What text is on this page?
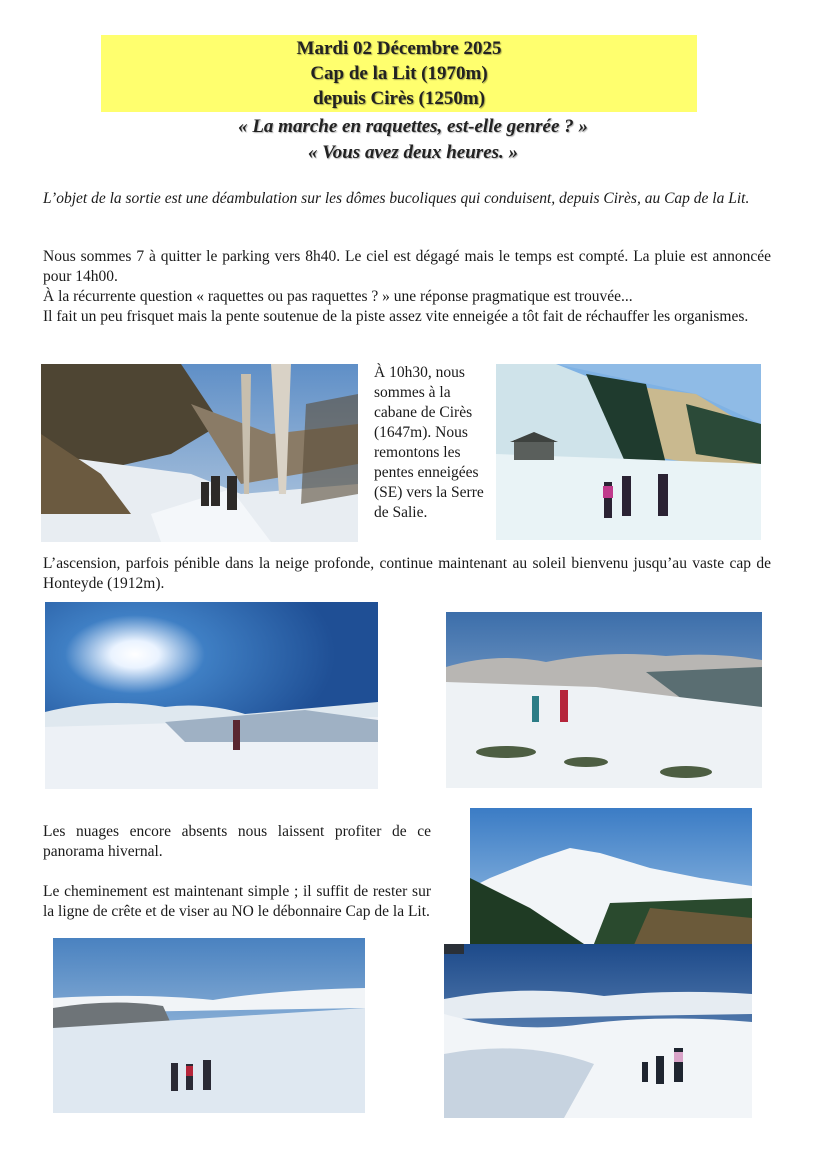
Mardi 02 Décembre 2025
Cap de la Lit (1970m)
depuis Cirès (1250m)
« La marche en raquettes, est-elle genrée ? »
« Vous avez deux heures. »

L’objet de la sortie est une déambulation sur les dômes bucoliques qui conduisent, depuis Cirès, au Cap de la Lit.

Nous sommes 7 à quitter le parking vers 8h40. Le ciel est dégagé mais le temps est compté. La pluie est annoncée pour 14h00.

À la récurrente question « raquettes ou pas raquettes ? » une réponse pragmatique est trouvée...

Il fait un peu frisquet mais la pente soutenue de la piste assez vite enneigée a tôt fait de réchauffer les organismes.

À 10h30, nous sommes à la cabane de Cirès (1647m). Nous remontons les pentes enneigées (SE) vers la Serre de Salie.

L’ascension, parfois pénible dans la neige profonde, continue maintenant au soleil bienvenu jusqu’au vaste cap de Honteyde (1912m).

Les nuages encore absents nous laissent profiter de ce panorama hivernal.

Le cheminement est maintenant simple ; il suffit de rester sur la ligne de crête et de viser au NO le débonnaire Cap de la Lit.
